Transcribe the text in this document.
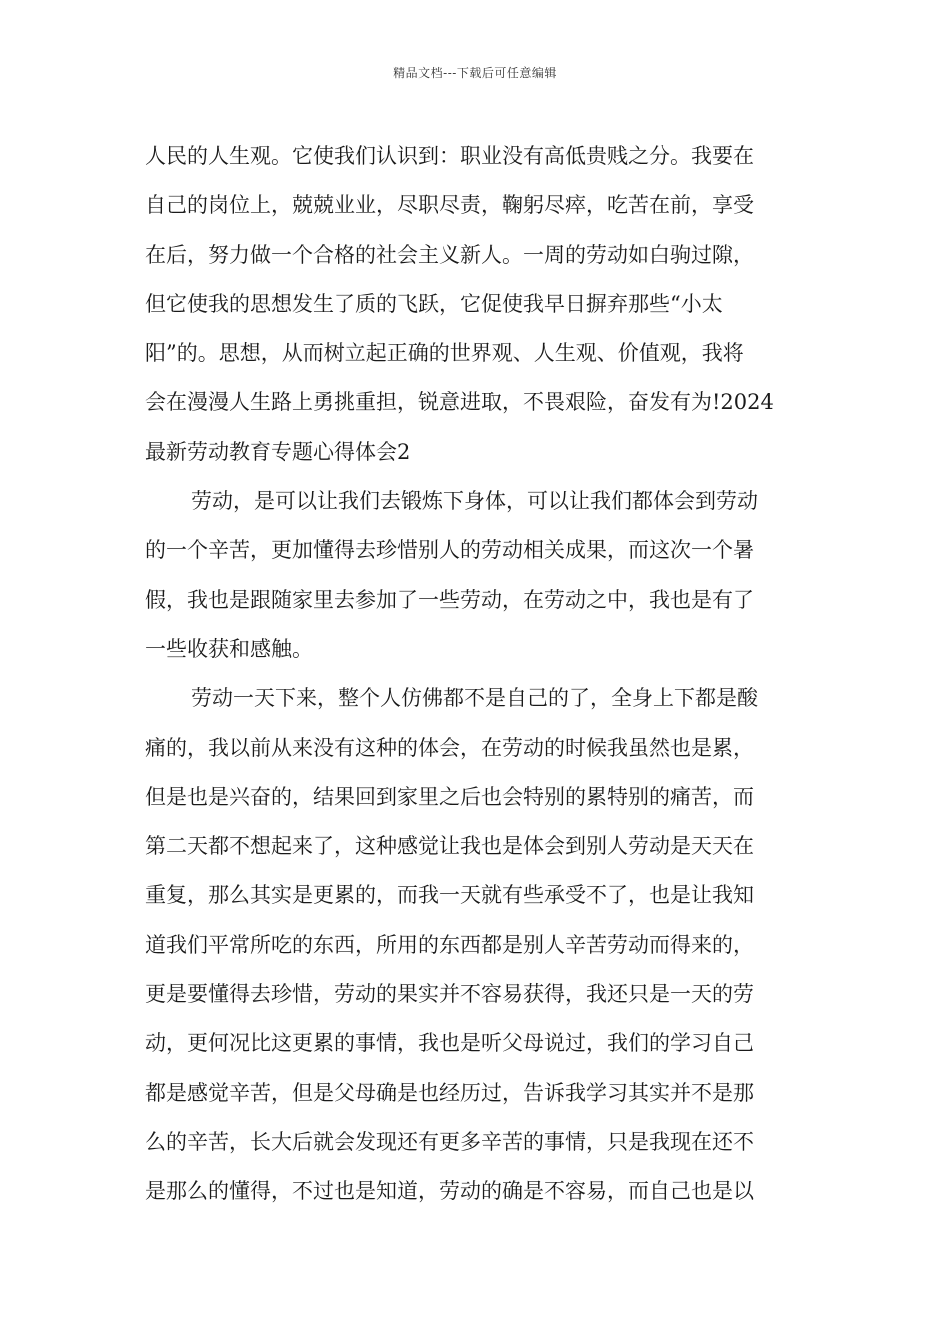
精品文档---下载后可任意编辑
人民的人生观。它使我们认识到：职业没有高低贵贱之分。我要在
自己的岗位上，兢兢业业，尽职尽责，鞠躬尽瘁，吃苦在前，享受
在后，努力做一个合格的社会主义新人。一周的劳动如白驹过隙，
但它使我的思想发生了质的飞跃，它促使我早日摒弃那些“小太
阳”的。思想，从而树立起正确的世界观、人生观、价值观，我将
会在漫漫人生路上勇挑重担，锐意进取，不畏艰险，奋发有为!2024
最新劳动教育专题心得体会2
劳动，是可以让我们去锻炼下身体，可以让我们都体会到劳动
的一个辛苦，更加懂得去珍惜别人的劳动相关成果，而这次一个暑
假，我也是跟随家里去参加了一些劳动，在劳动之中，我也是有了
一些收获和感触。
劳动一天下来，整个人仿佛都不是自己的了，全身上下都是酸
痛的，我以前从来没有这种的体会，在劳动的时候我虽然也是累，
但是也是兴奋的，结果回到家里之后也会特别的累特别的痛苦，而
第二天都不想起来了，这种感觉让我也是体会到别人劳动是天天在
重复，那么其实是更累的，而我一天就有些承受不了，也是让我知
道我们平常所吃的东西，所用的东西都是别人辛苦劳动而得来的，
更是要懂得去珍惜，劳动的果实并不容易获得，我还只是一天的劳
动，更何况比这更累的事情，我也是听父母说过，我们的学习自己
都是感觉辛苦，但是父母确是也经历过，告诉我学习其实并不是那
么的辛苦，长大后就会发现还有更多辛苦的事情，只是我现在还不
是那么的懂得，不过也是知道，劳动的确是不容易，而自己也是以
